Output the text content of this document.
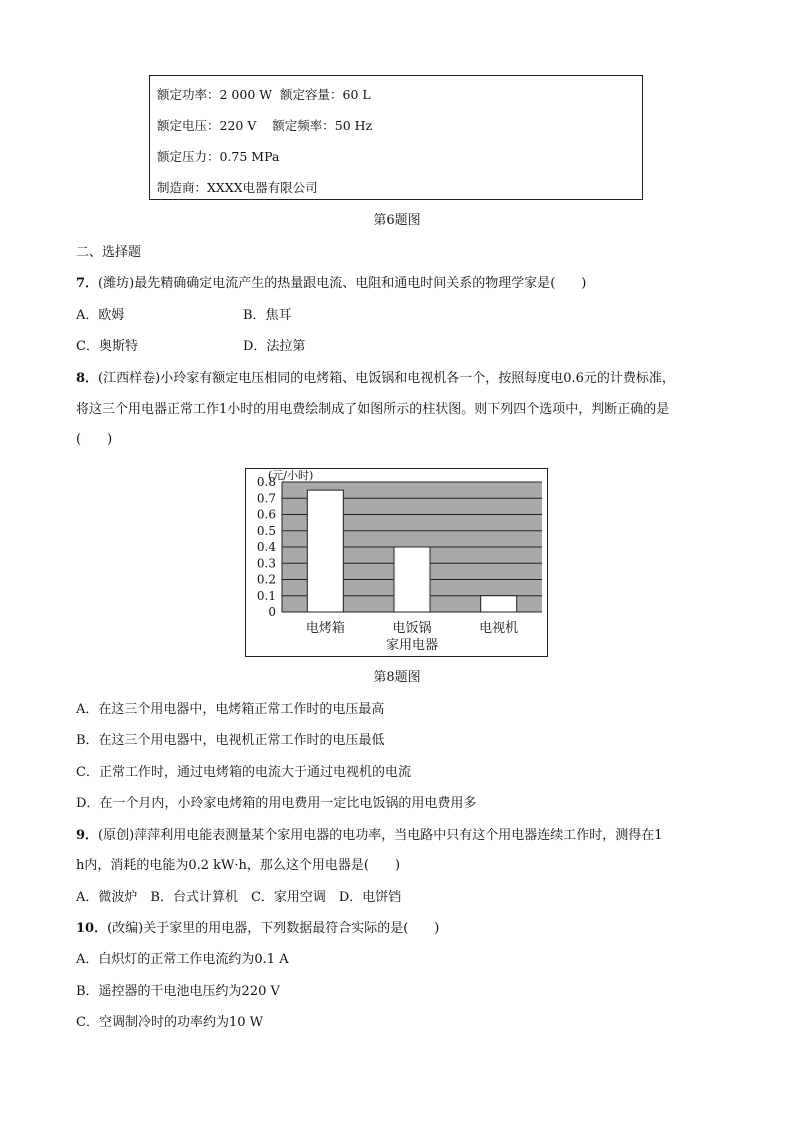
额定功率：2 000 W  额定容量：60 L
额定电压：220 V    额定频率：50 Hz
额定压力：0.75 MPa
制造商：XXXX电器有限公司
第6题图
二、选择题
7．(潍坊)最先精确确定电流产生的热量跟电流、电阻和通电时间关系的物理学家是(　　)
A．欧姆	B．焦耳
C．奥斯特	D．法拉第
8．(江西样卷)小玲家有额定电压相同的电烤箱、电饭锅和电视机各一个，按照每度电0.6元的计费标准，
将这三个用电器正常工作1小时的用电费绘制成了如图所示的柱状图。则下列四个选项中，判断正确的是
(　　)
0
0.1
0.2
0.3
0.4
0.5
0.6
0.7
0.8
电烤箱	电饭锅	电视机
(元/小时)
家用电器
第8题图
A．在这三个用电器中，电烤箱正常工作时的电压最高
B．在这三个用电器中，电视机正常工作时的电压最低
C．正常工作时，通过电烤箱的电流大于通过电视机的电流
D．在一个月内，小玲家电烤箱的用电费用一定比电饭锅的用电费用多
9．(原创)萍萍利用电能表测量某个家用电器的电功率，当电路中只有这个用电器连续工作时，测得在1
h内，消耗的电能为0.2 kW·h，那么这个用电器是(　　)
A．微波炉　B．台式计算机　C．家用空调　D．电饼铛
10．(改编)关于家里的用电器，下列数据最符合实际的是(　　)
A．白炽灯的正常工作电流约为0.1 A
B．遥控器的干电池电压约为220 V
C．空调制冷时的功率约为10 W
